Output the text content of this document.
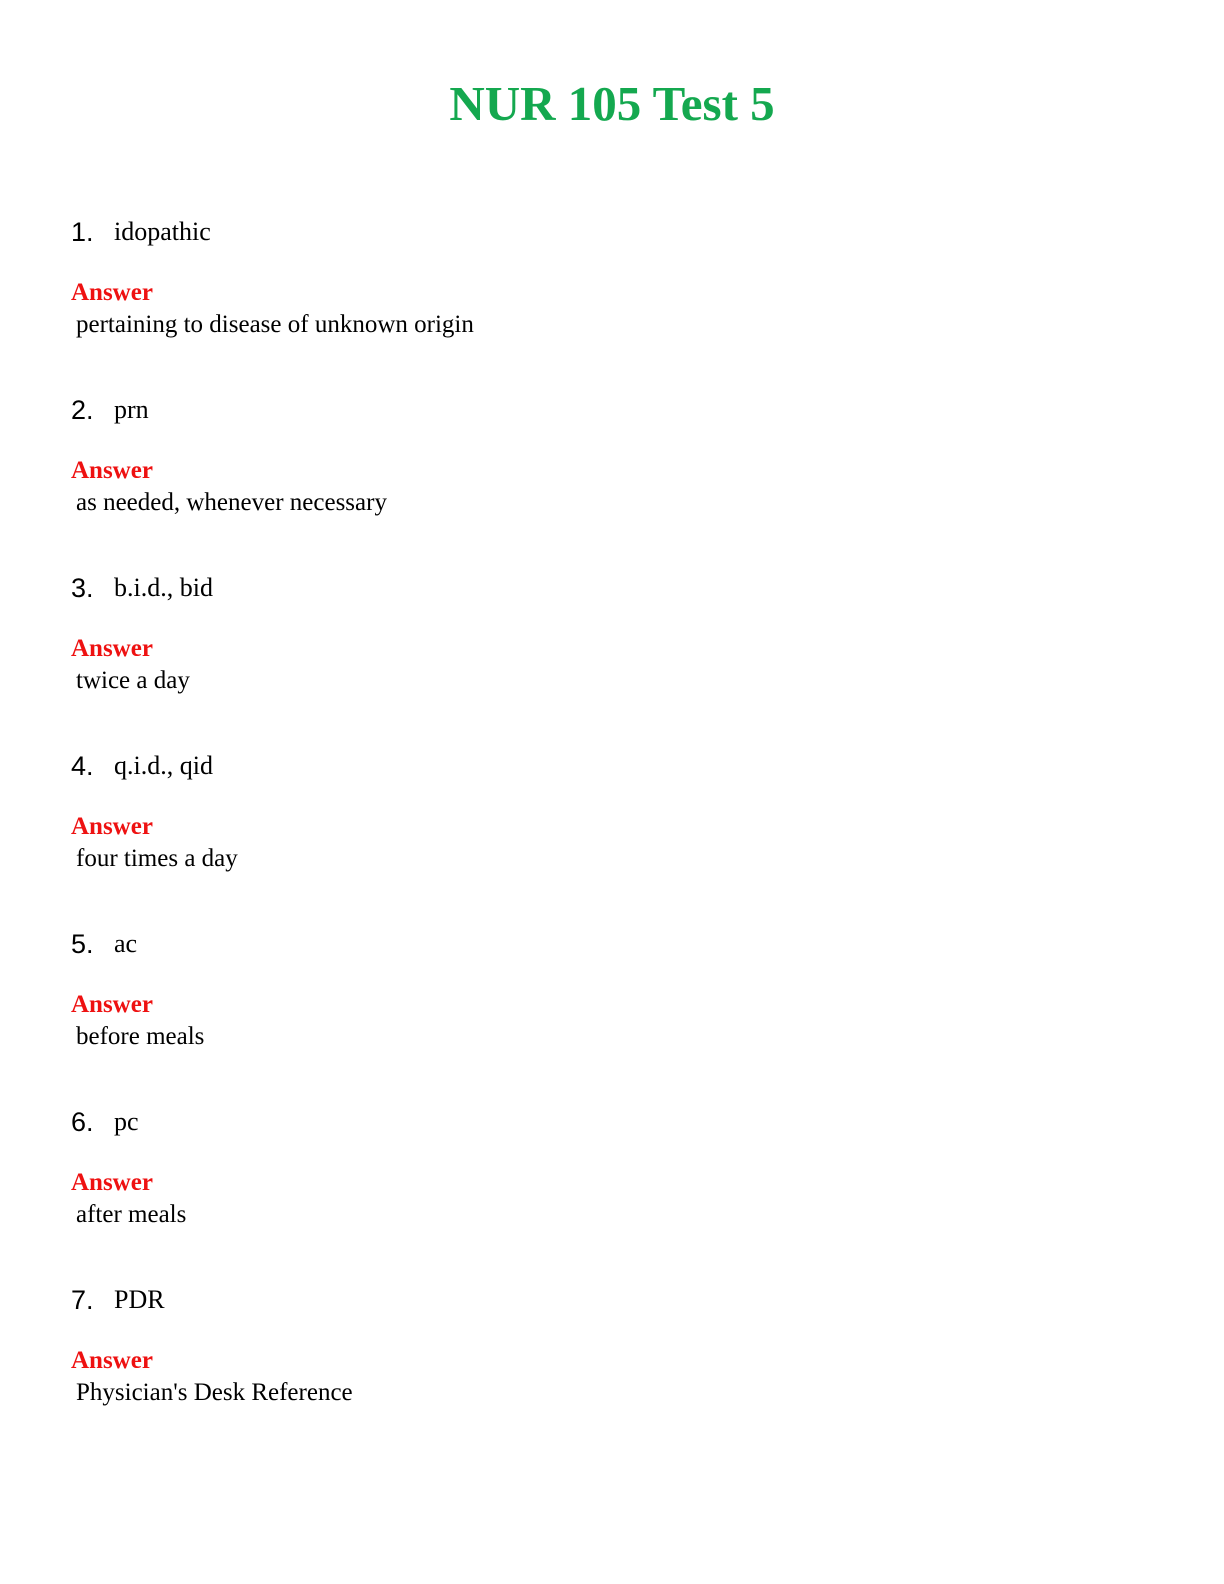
NUR 105 Test 5
1. idopathic
Answer
pertaining to disease of unknown origin
2. prn
Answer
as needed, whenever necessary
3. b.i.d., bid
Answer
twice a day
4. q.i.d., qid
Answer
four times a day
5. ac
Answer
before meals
6. pc
Answer
after meals
7. PDR
Answer
Physician's Desk Reference
